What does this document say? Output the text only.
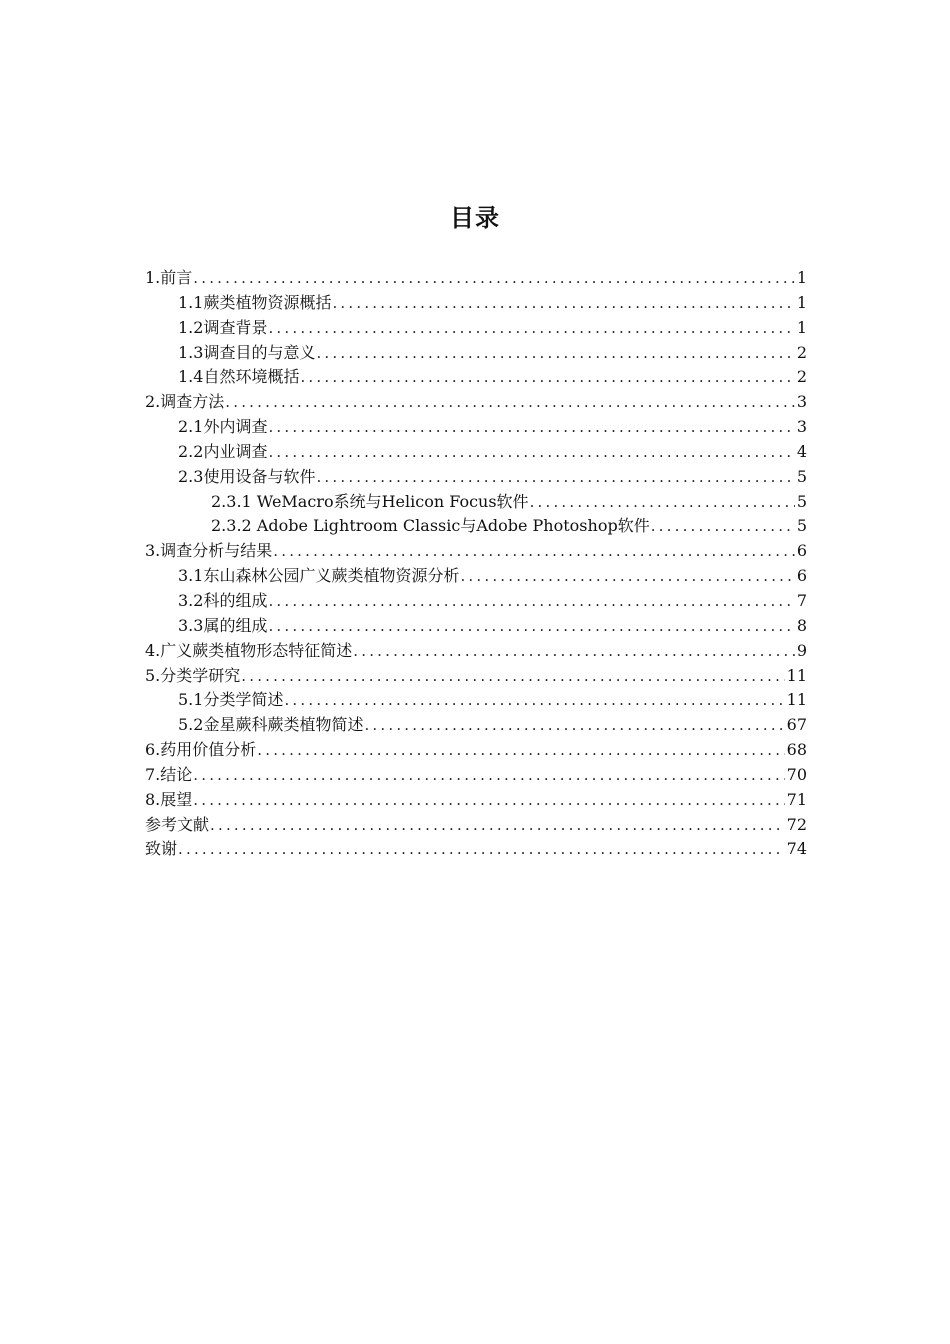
目录
1.前言 .....	1
1.1蕨类植物资源概括 .....	1
1.2调查背景 .....	1
1.3调查目的与意义 .....	2
1.4自然环境概括 .....	2
2.调查方法 .....	3
2.1外内调查 .....	3
2.2内业调查 .....	4
2.3使用设备与软件 .....	5
2.3.1 WeMacro系统与Helicon Focus软件 .....	5
2.3.2 Adobe Lightroom Classic与Adobe Photoshop软件 .....	5
3.调查分析与结果 .....	6
3.1东山森林公园广义蕨类植物资源分析 .....	6
3.2科的组成 .....	7
3.3属的组成 .....	8
4.广义蕨类植物形态特征简述 .....	9
5.分类学研究 .....	11
5.1分类学简述 .....	11
5.2金星蕨科蕨类植物简述 .....	67
6.药用价值分析 .....	68
7.结论 .....	70
8.展望 .....	71
参考文献 .....	72
致谢 .....	74
